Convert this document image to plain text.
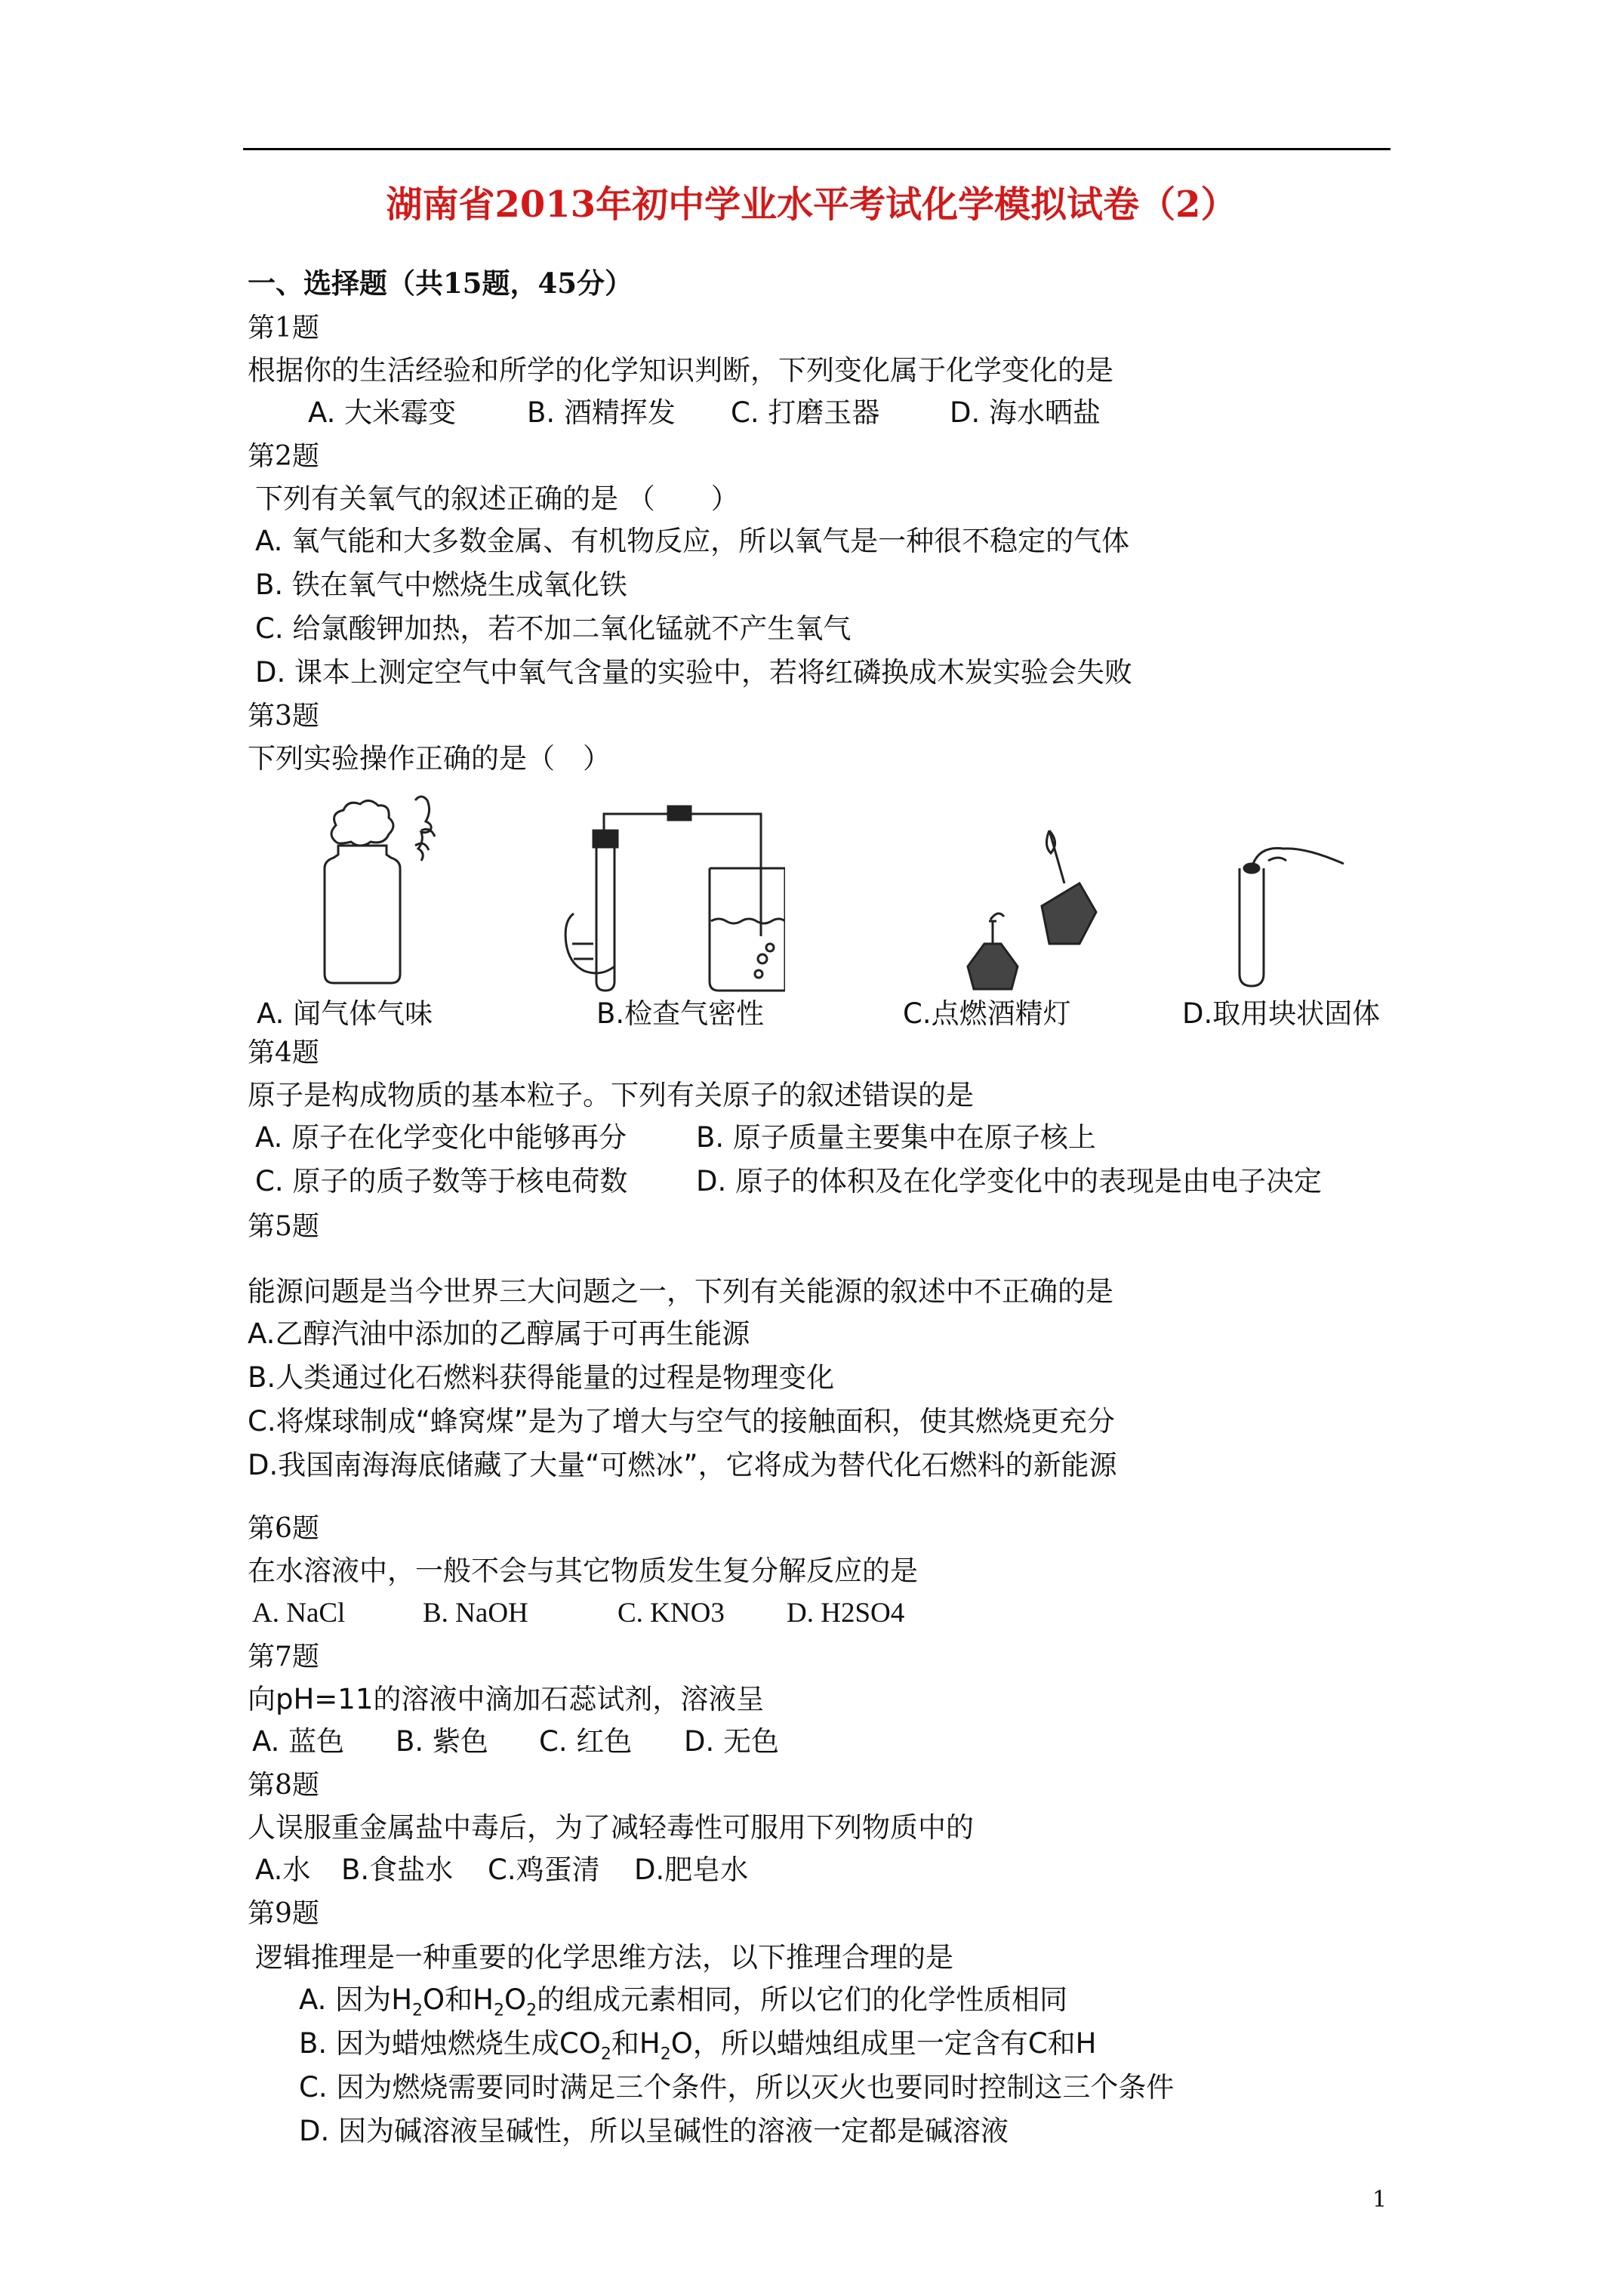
湖南省2013年初中学业水平考试化学模拟试卷（2）
一、选择题（共15题，45分）
第1题
根据你的生活经验和所学的化学知识判断，下列变化属于化学变化的是
A. 大米霉变	B. 酒精挥发 C. 打磨玉器	D. 海水晒盐
第2题
下列有关氧气的叙述正确的是 （　　）
A. 氧气能和大多数金属、有机物反应，所以氧气是一种很不稳定的气体
B. 铁在氧气中燃烧生成氧化铁
C. 给氯酸钾加热，若不加二氧化锰就不产生氧气
D. 课本上测定空气中氧气含量的实验中，若将红磷换成木炭实验会失败
第3题
下列实验操作正确的是（　）
A. 闻气体气味	B.检查气密性	C.点燃酒精灯	D.取用块状固体
第4题
原子是构成物质的基本粒子。下列有关原子的叙述错误的是
A. 原子在化学变化中能够再分 B. 原子质量主要集中在原子核上
C. 原子的质子数等于核电荷数 D. 原子的体积及在化学变化中的表现是由电子决定
第5题
能源问题是当今世界三大问题之一，下列有关能源的叙述中不正确的是
A.乙醇汽油中添加的乙醇属于可再生能源
B.人类通过化石燃料获得能量的过程是物理变化
C.将煤球制成“蜂窝煤”是为了增大与空气的接触面积，使其燃烧更充分
D.我国南海海底储藏了大量“可燃冰”，它将成为替代化石燃料的新能源
第6题
在水溶液中，一般不会与其它物质发生复分解反应的是
A. NaCl	B. NaOH	C. KNO3 D. H2SO4
第7题
向pH=11的溶液中滴加石蕊试剂，溶液呈
A. 蓝色 B. 紫色 C. 红色 D. 无色
第8题
人误服重金属盐中毒后，为了减轻毒性可服用下列物质中的
A.水 B.食盐水 C.鸡蛋清 D.肥皂水
第9题
逻辑推理是一种重要的化学思维方法，以下推理合理的是
A. 因为$H_2O$和$H_2O_2$的组成元素相同，所以它们的化学性质相同
B. 因为蜡烛燃烧生成$CO_2$和$H_2O$，所以蜡烛组成里一定含有C和H
C. 因为燃烧需要同时满足三个条件，所以灭火也要同时控制这三个条件
D. 因为碱溶液呈碱性，所以呈碱性的溶液一定都是碱溶液
1
